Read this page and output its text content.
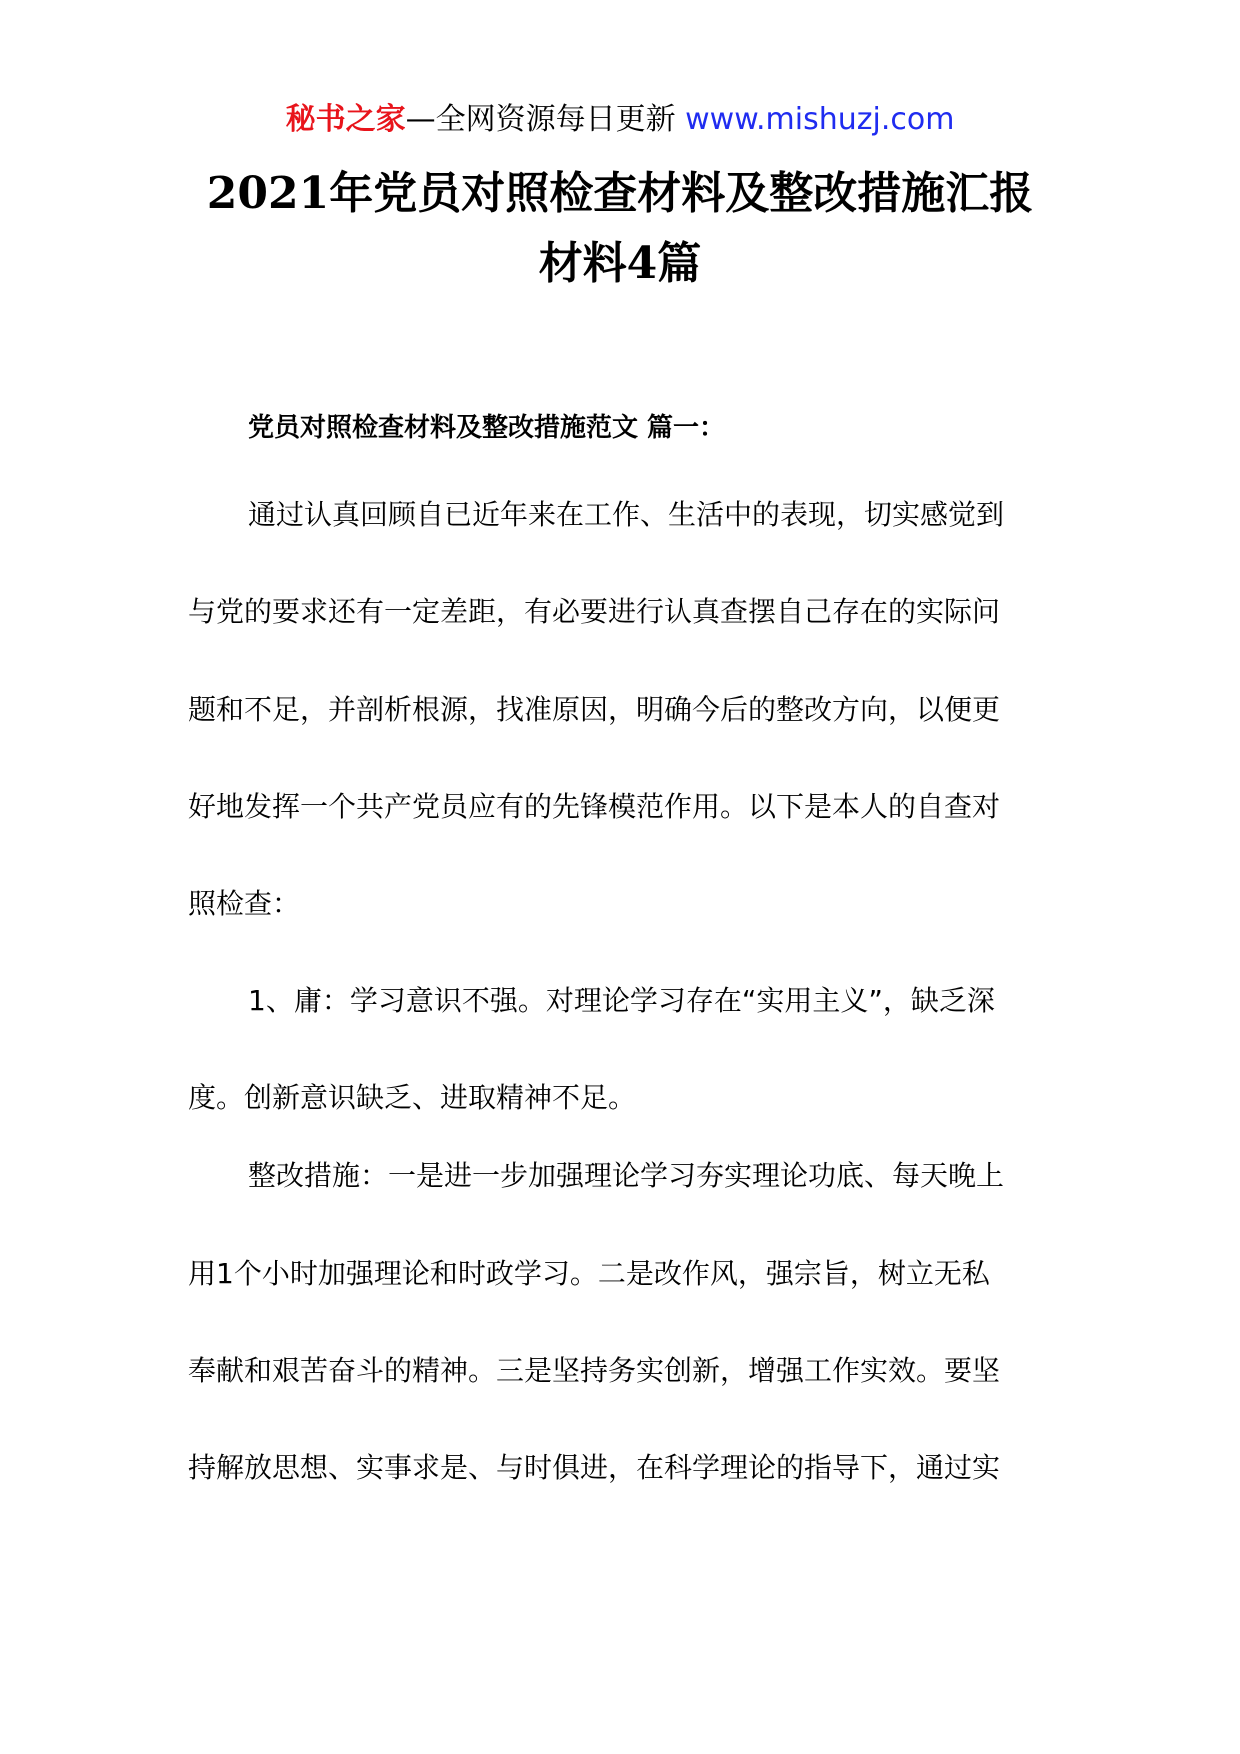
秘书之家—全网资源每日更新 www.mishuzj.com
2021年党员对照检查材料及整改措施汇报
材料4篇
党员对照检查材料及整改措施范文 篇一：
通过认真回顾自已近年来在工作、生活中的表现，切实感觉到
与党的要求还有一定差距，有必要进行认真查摆自己存在的实际问
题和不足，并剖析根源，找准原因，明确今后的整改方向，以便更
好地发挥一个共产党员应有的先锋模范作用。以下是本人的自查对
照检查：
1、庸：学习意识不强。对理论学习存在“实用主义”，缺乏深
度。创新意识缺乏、进取精神不足。
整改措施：一是进一步加强理论学习夯实理论功底、每天晚上
用1个小时加强理论和时政学习。二是改作风，强宗旨，树立无私
奉献和艰苦奋斗的精神。三是坚持务实创新，增强工作实效。要坚
持解放思想、实事求是、与时俱进，在科学理论的指导下，通过实
